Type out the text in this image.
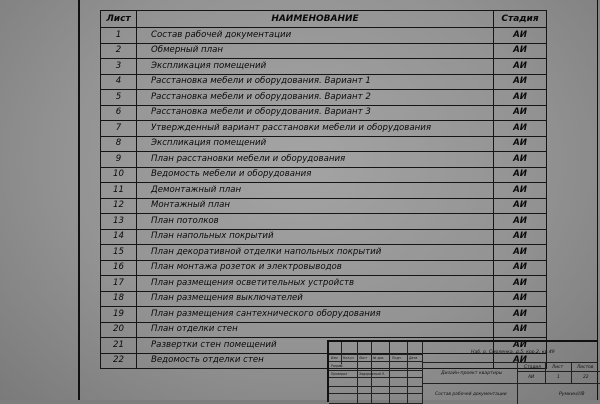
Лист	НАИМЕНОВАНИЕ	Стадия
1	Состав рабочей документации	АИ
2	Обмерный план	АИ
3	Экспликация помещений	АИ
4	Расстановка мебели и оборудования. Вариант 1	АИ
5	Расстановка мебели и оборудования. Вариант 2	АИ
6	Расстановка мебели и оборудования. Вариант 3	АИ
7	Утвержденный вариант расстановки мебели и оборудования	АИ
8	Экспликация помещений	АИ
9	План расстановки мебели и оборудования	АИ
10	Ведомость мебели и оборудования	АИ
11	Демонтажный план	АИ
12	Монтажный план	АИ
13	План потолков	АИ
14	План напольных покрытий	АИ
15	План декоративной отделки напольных покрытий	АИ
16	План монтажа розеток и электровыводов	АИ
17	План размещения осветительных устройств	АИ
18	План размещения выключателей	АИ
19	План размещения сантехнического оборудования	АИ
20	План отделки стен	АИ
21	Развертки стен помещений	АИ
22	Ведомость отделки стен	АИ
Изм Кол.уч Лист № док. Подп. Дата
Разраб.
Проверил	Задорожный Л.
Наб. р. Смоленка, д.5, кор.2, кв.49
Дизайн-проект квартиры
Стадия	Лист	Листов
АИ	1	22
Состав рабочей документации	Румкин///В
